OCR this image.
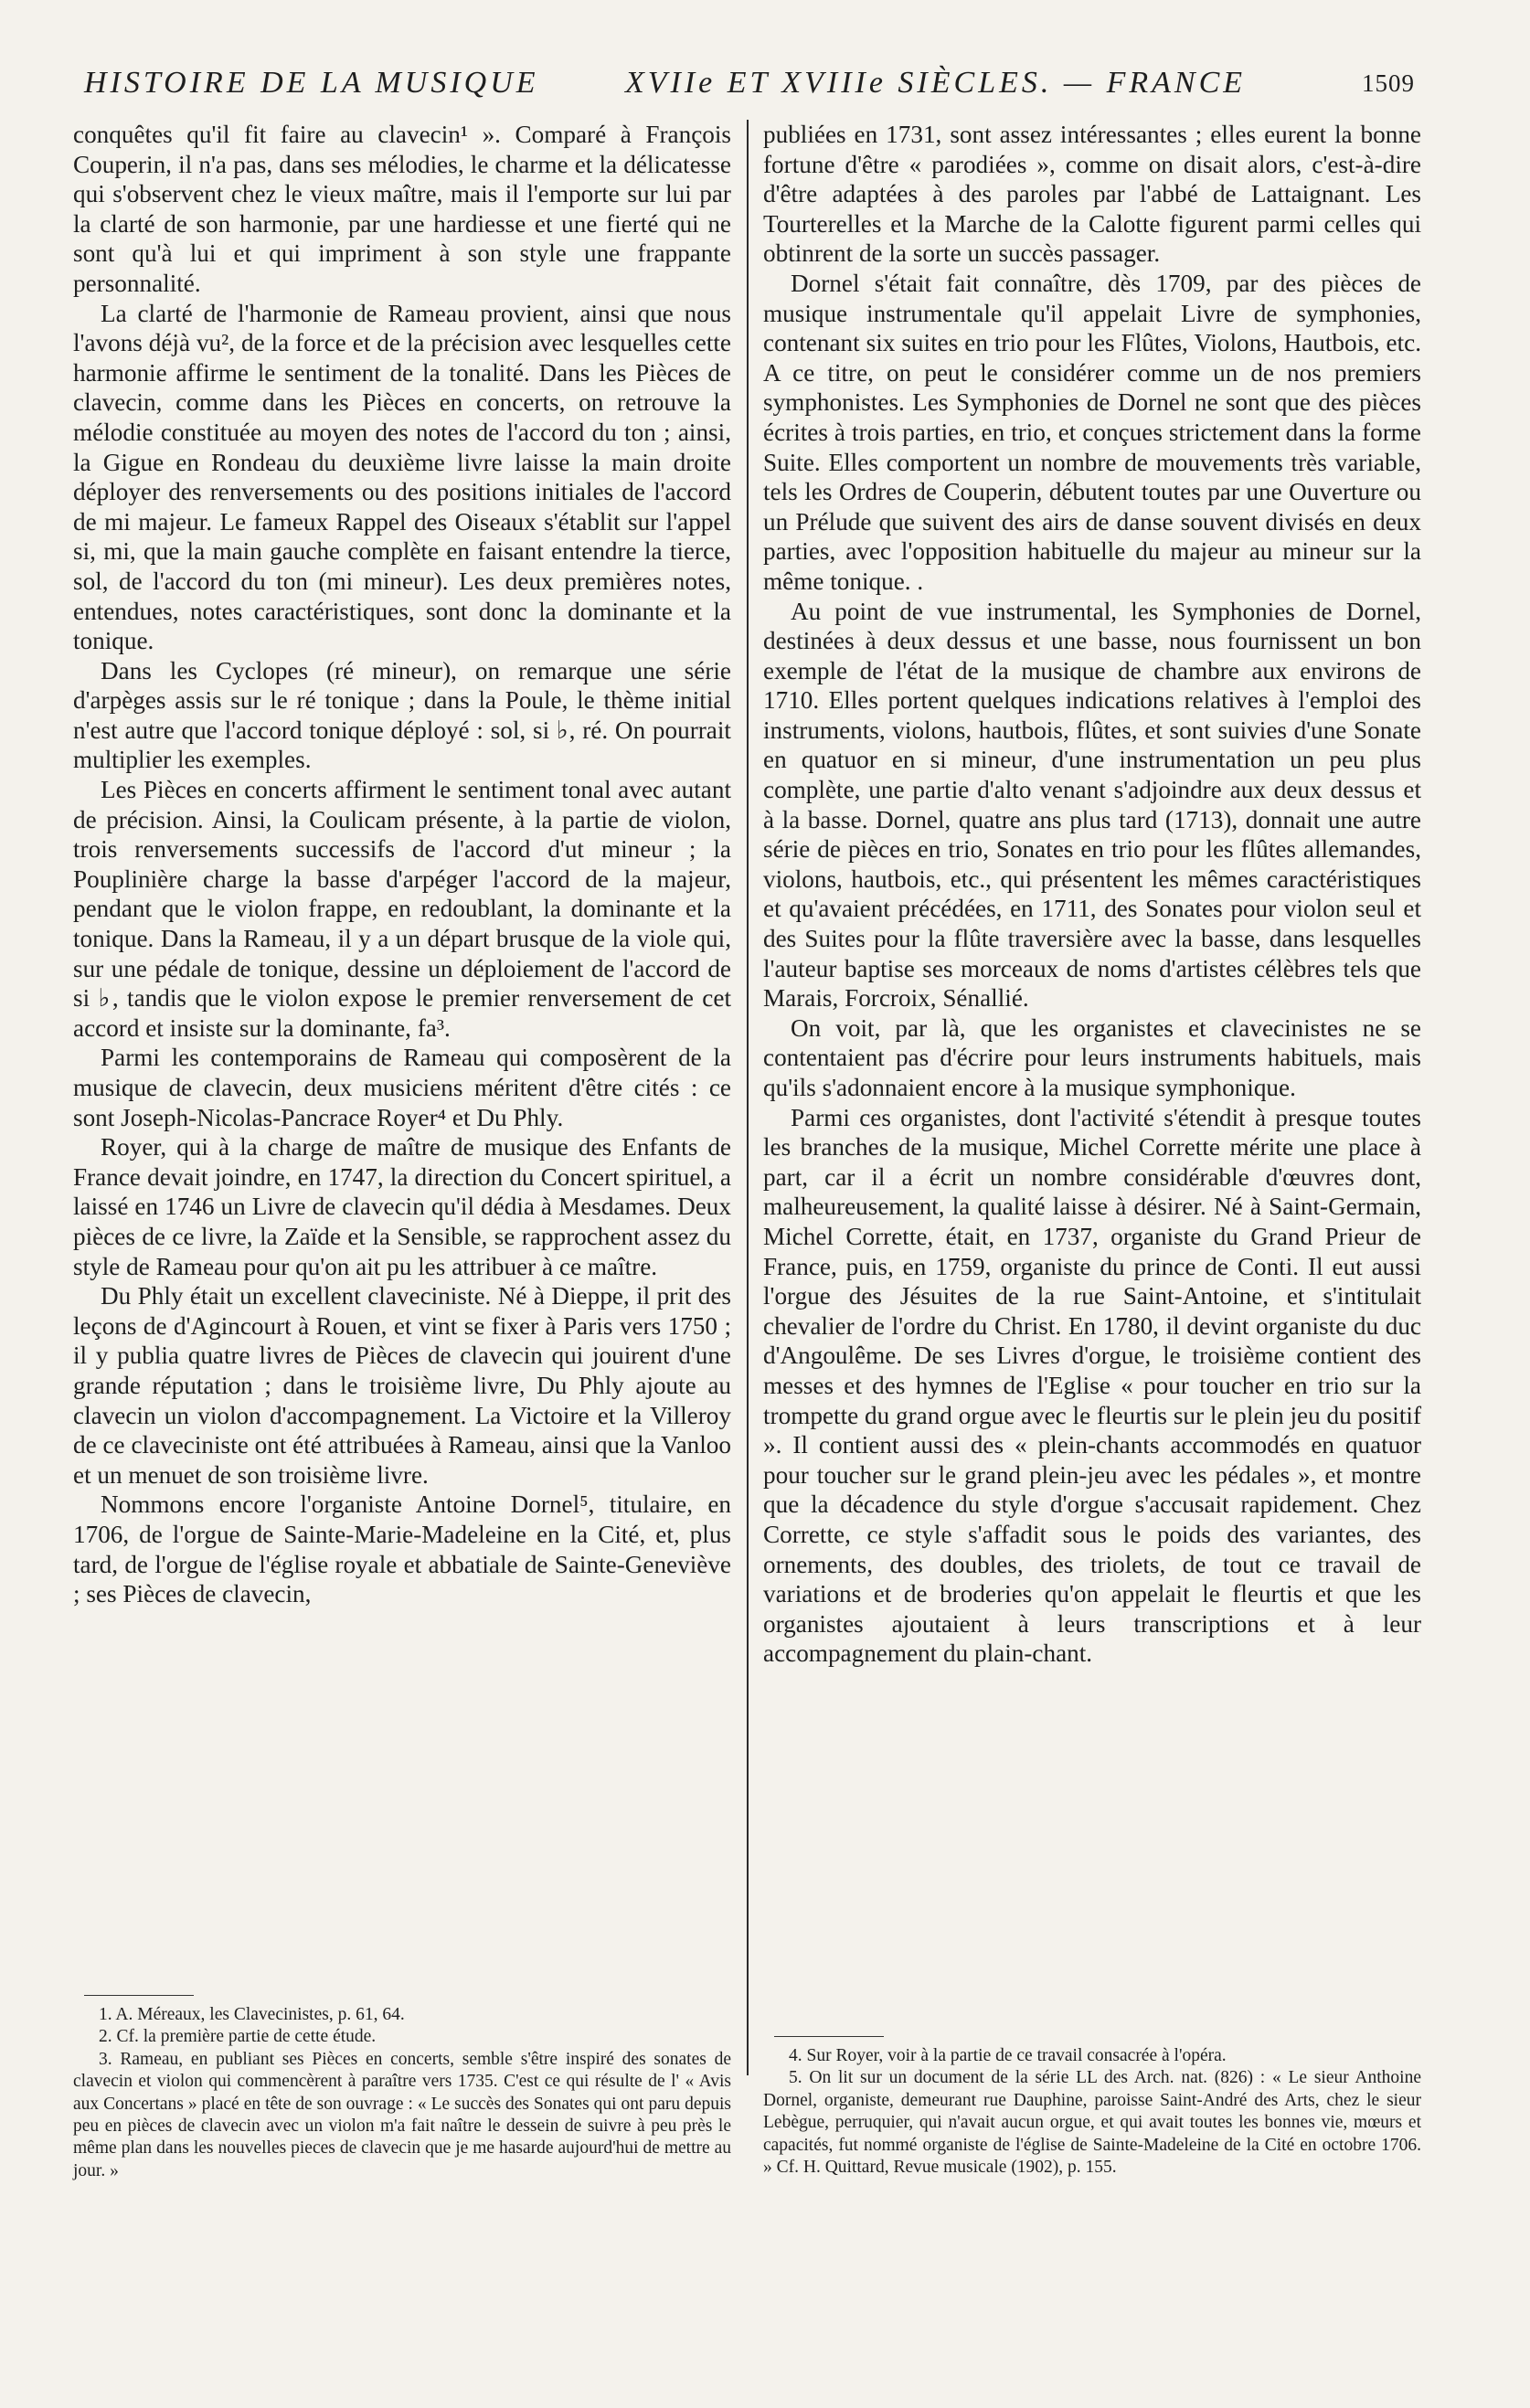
HISTOIRE DE LA MUSIQUE	XVIIe ET XVIIIe SIÈCLES. — FRANCE	1509

conquêtes qu'il fit faire au clavecin¹ ». Comparé à François Couperin, il n'a pas, dans ses mélodies, le charme et la délicatesse qui s'observent chez le vieux maître, mais il l'emporte sur lui par la clarté de son harmonie, par une hardiesse et une fierté qui ne sont qu'à lui et qui impriment à son style une frappante personnalité.

La clarté de l'harmonie de Rameau provient, ainsi que nous l'avons déjà vu², de la force et de la précision avec lesquelles cette harmonie affirme le sentiment de la tonalité. Dans les Pièces de clavecin, comme dans les Pièces en concerts, on retrouve la mélodie constituée au moyen des notes de l'accord du ton ; ainsi, la Gigue en Rondeau du deuxième livre laisse la main droite déployer des renversements ou des positions initiales de l'accord de mi majeur. Le fameux Rappel des Oiseaux s'établit sur l'appel si, mi, que la main gauche complète en faisant entendre la tierce, sol, de l'accord du ton (mi mineur). Les deux premières notes, entendues, notes caractéristiques, sont donc la dominante et la tonique.

Dans les Cyclopes (ré mineur), on remarque une série d'arpèges assis sur le ré tonique ; dans la Poule, le thème initial n'est autre que l'accord tonique déployé : sol, si ♭, ré. On pourrait multiplier les exemples.

Les Pièces en concerts affirment le sentiment tonal avec autant de précision. Ainsi, la Coulicam présente, à la partie de violon, trois renversements successifs de l'accord d'ut mineur ; la Pouplinière charge la basse d'arpéger l'accord de la majeur, pendant que le violon frappe, en redoublant, la dominante et la tonique. Dans la Rameau, il y a un départ brusque de la viole qui, sur une pédale de tonique, dessine un déploiement de l'accord de si ♭, tandis que le violon expose le premier renversement de cet accord et insiste sur la dominante, fa³.

Parmi les contemporains de Rameau qui composèrent de la musique de clavecin, deux musiciens méritent d'être cités : ce sont Joseph-Nicolas-Pancrace Royer⁴ et Du Phly.

Royer, qui à la charge de maître de musique des Enfants de France devait joindre, en 1747, la direction du Concert spirituel, a laissé en 1746 un Livre de clavecin qu'il dédia à Mesdames. Deux pièces de ce livre, la Zaïde et la Sensible, se rapprochent assez du style de Rameau pour qu'on ait pu les attribuer à ce maître.

Du Phly était un excellent claveciniste. Né à Dieppe, il prit des leçons de d'Agincourt à Rouen, et vint se fixer à Paris vers 1750 ; il y publia quatre livres de Pièces de clavecin qui jouirent d'une grande réputation ; dans le troisième livre, Du Phly ajoute au clavecin un violon d'accompagnement. La Victoire et la Villeroy de ce claveciniste ont été attribuées à Rameau, ainsi que la Vanloo et un menuet de son troisième livre.

Nommons encore l'organiste Antoine Dornel⁵, titulaire, en 1706, de l'orgue de Sainte-Marie-Madeleine en la Cité, et, plus tard, de l'orgue de l'église royale et abbatiale de Sainte-Geneviève ; ses Pièces de clavecin,

publiées en 1731, sont assez intéressantes ; elles eurent la bonne fortune d'être « parodiées », comme on disait alors, c'est-à-dire d'être adaptées à des paroles par l'abbé de Lattaignant. Les Tourterelles et la Marche de la Calotte figurent parmi celles qui obtinrent de la sorte un succès passager.

Dornel s'était fait connaître, dès 1709, par des pièces de musique instrumentale qu'il appelait Livre de symphonies, contenant six suites en trio pour les Flûtes, Violons, Hautbois, etc. A ce titre, on peut le considérer comme un de nos premiers symphonistes. Les Symphonies de Dornel ne sont que des pièces écrites à trois parties, en trio, et conçues strictement dans la forme Suite. Elles comportent un nombre de mouvements très variable, tels les Ordres de Couperin, débutent toutes par une Ouverture ou un Prélude que suivent des airs de danse souvent divisés en deux parties, avec l'opposition habituelle du majeur au mineur sur la même tonique. .

Au point de vue instrumental, les Symphonies de Dornel, destinées à deux dessus et une basse, nous fournissent un bon exemple de l'état de la musique de chambre aux environs de 1710. Elles portent quelques indications relatives à l'emploi des instruments, violons, hautbois, flûtes, et sont suivies d'une Sonate en quatuor en si mineur, d'une instrumentation un peu plus complète, une partie d'alto venant s'adjoindre aux deux dessus et à la basse. Dornel, quatre ans plus tard (1713), donnait une autre série de pièces en trio, Sonates en trio pour les flûtes allemandes, violons, hautbois, etc., qui présentent les mêmes caractéristiques et qu'avaient précédées, en 1711, des Sonates pour violon seul et des Suites pour la flûte traversière avec la basse, dans lesquelles l'auteur baptise ses morceaux de noms d'artistes célèbres tels que Marais, Forcroix, Sénallié.

On voit, par là, que les organistes et clavecinistes ne se contentaient pas d'écrire pour leurs instruments habituels, mais qu'ils s'adonnaient encore à la musique symphonique.

Parmi ces organistes, dont l'activité s'étendit à presque toutes les branches de la musique, Michel Corrette mérite une place à part, car il a écrit un nombre considérable d'œuvres dont, malheureusement, la qualité laisse à désirer. Né à Saint-Germain, Michel Corrette, était, en 1737, organiste du Grand Prieur de France, puis, en 1759, organiste du prince de Conti. Il eut aussi l'orgue des Jésuites de la rue Saint-Antoine, et s'intitulait chevalier de l'ordre du Christ. En 1780, il devint organiste du duc d'Angoulême. De ses Livres d'orgue, le troisième contient des messes et des hymnes de l'Eglise « pour toucher en trio sur la trompette du grand orgue avec le fleurtis sur le plein jeu du positif ». Il contient aussi des « plein-chants accommodés en quatuor pour toucher sur le grand plein-jeu avec les pédales », et montre que la décadence du style d'orgue s'accusait rapidement. Chez Corrette, ce style s'affadit sous le poids des variantes, des ornements, des doubles, des triolets, de tout ce travail de variations et de broderies qu'on appelait le fleurtis et que les organistes ajoutaient à leurs transcriptions et à leur accompagnement du plain-chant.

1. A. Méreaux, les Clavecinistes, p. 61, 64.

2. Cf. la première partie de cette étude.

3. Rameau, en publiant ses Pièces en concerts, semble s'être inspiré des sonates de clavecin et violon qui commencèrent à paraître vers 1735. C'est ce qui résulte de l' « Avis aux Concertans » placé en tête de son ouvrage : « Le succès des Sonates qui ont paru depuis peu en pièces de clavecin avec un violon m'a fait naître le dessein de suivre à peu près le même plan dans les nouvelles pieces de clavecin que je me hasarde aujourd'hui de mettre au jour. »

4. Sur Royer, voir à la partie de ce travail consacrée à l'opéra.

5. On lit sur un document de la série LL des Arch. nat. (826) : « Le sieur Anthoine Dornel, organiste, demeurant rue Dauphine, paroisse Saint-André des Arts, chez le sieur Lebègue, perruquier, qui n'avait aucun orgue, et qui avait toutes les bonnes vie, mœurs et capacités, fut nommé organiste de l'église de Sainte-Madeleine de la Cité en octobre 1706. » Cf. H. Quittard, Revue musicale (1902), p. 155.
